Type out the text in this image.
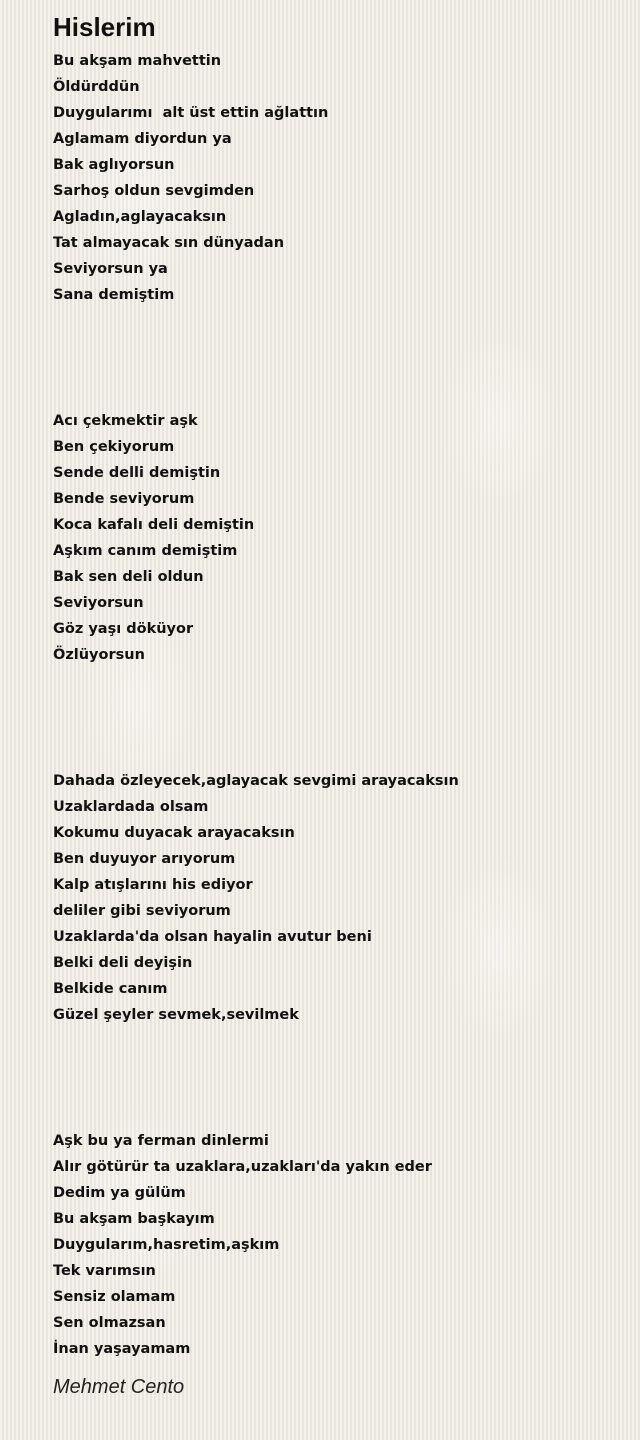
Hislerim
Bu akşam mahvettin
Öldürddün
Duygularımı  alt üst ettin ağlattın
Aglamam diyordun ya
Bak aglıyorsun
Sarhoş oldun sevgimden
Agladın,aglayacaksın
Tat almayacak sın dünyadan
Seviyorsun ya
Sana demiştim
Acı çekmektir aşk
Ben çekiyorum
Sende delli demiştin
Bende seviyorum
Koca kafalı deli demiştin
Aşkım canım demiştim
Bak sen deli oldun
Seviyorsun
Göz yaşı döküyor
Özlüyorsun
Dahada özleyecek,aglayacak sevgimi arayacaksın
Uzaklardada olsam
Kokumu duyacak arayacaksın
Ben duyuyor arıyorum
Kalp atışlarını his ediyor
deliler gibi seviyorum
Uzaklarda'da olsan hayalin avutur beni
Belki deli deyişin
Belkide canım
Güzel şeyler sevmek,sevilmek
Aşk bu ya ferman dinlermi
Alır götürür ta uzaklara,uzakları'da yakın eder
Dedim ya gülüm
Bu akşam başkayım
Duygularım,hasretim,aşkım
Tek varımsın
Sensiz olamam
Sen olmazsan
İnan yaşayamam
Mehmet Cento
